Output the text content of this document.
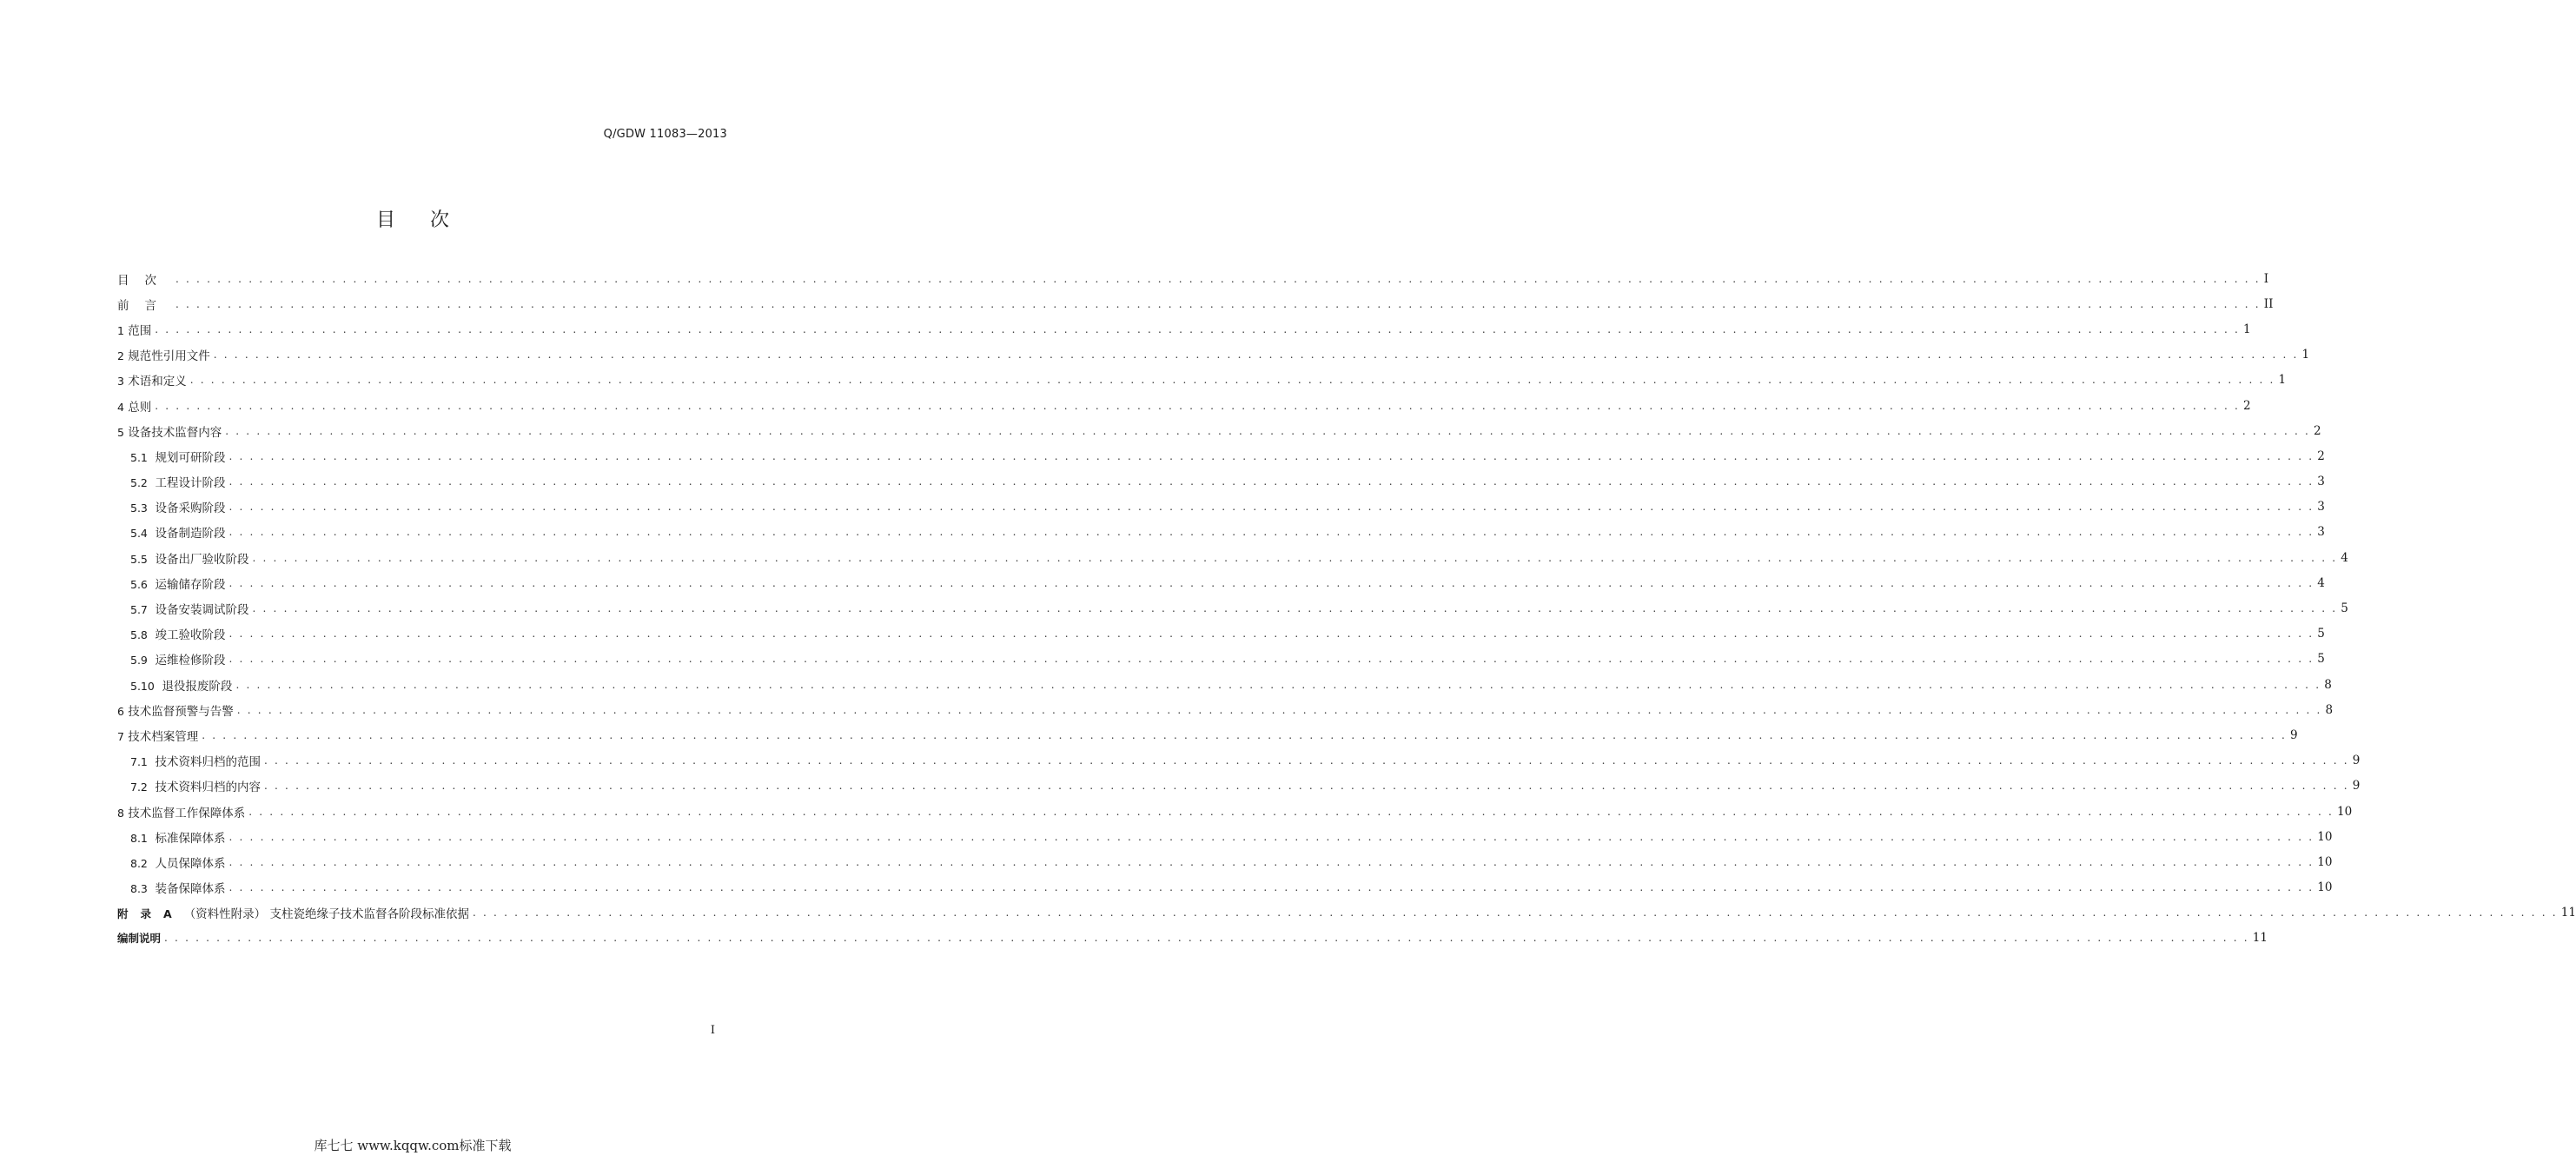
Q/GDW 11083—2013
目次
目次 . . . . . . . . . . . . . . . . . . . . . . . . . . . . . . . . . . . . . . . . . . . . . . . . . . . . . . . . . . . . . . . . . . . . . . . . . . . . . . . . . . . . . . . . . . . . . . . . . . . . . . . . . . . . . . . . . . . . . . . . . . . . . . . . . . . . . . . . . . . . . . . . . . . . . . . . . . . . . . . . . . . . . . . . . . . . . . . . . . . . . . . . . . . . . . . . . . . . . . . . I
前言 . . . . . . . . . . . . . . . . . . . . . . . . . . . . . . . . . . . . . . . . . . . . . . . . . . . . . . . . . . . . . . . . . . . . . . . . . . . . . . . . . . . . . . . . . . . . . . . . . . . . . . . . . . . . . . . . . . . . . . . . . . . . . . . . . . . . . . . . . . . . . . . . . . . . . . . . . . . . . . . . . . . . . . . . . . . . . . . . . . . . . . . . . . . . . . . . . . . . . . . . II
1 范围 . . . . . . . . . . . . . . . . . . . . . . . . . . . . . . . . . . . . . . . . . . . . . . . . . . . . . . . . . . . . . . . . . . . . . . . . . . . . . . . . . . . . . . . . . . . . . . . . . . . . . . . . . . . . . . . . . . . . . . . . . . . . . . . . . . . . . . . . . . . . . . . . . . . . . . . . . . . . . . . . . . . . . . . . . . . . . . . . . . . . . . . . . . . . . . . . . . . . . . . . 1
2 规范性引用文件 . . . . . . . . . . . . . . . . . . . . . . . . . . . . . . . . . . . . . . . . . . . . . . . . . . . . . . . . . . . . . . . . . . . . . . . . . . . . . . . . . . . . . . . . . . . . . . . . . . . . . . . . . . . . . . . . . . . . . . . . . . . . . . . . . . . . . . . . . . . . . . . . . . . . . . . . . . . . . . . . . . . . . . . . . . . . . . . . . . . . . . . . . . . . . . . . . . . . . . . . 1
3 术语和定义 . . . . . . . . . . . . . . . . . . . . . . . . . . . . . . . . . . . . . . . . . . . . . . . . . . . . . . . . . . . . . . . . . . . . . . . . . . . . . . . . . . . . . . . . . . . . . . . . . . . . . . . . . . . . . . . . . . . . . . . . . . . . . . . . . . . . . . . . . . . . . . . . . . . . . . . . . . . . . . . . . . . . . . . . . . . . . . . . . . . . . . . . . . . . . . . . . . . . . . . . 1
4 总则 . . . . . . . . . . . . . . . . . . . . . . . . . . . . . . . . . . . . . . . . . . . . . . . . . . . . . . . . . . . . . . . . . . . . . . . . . . . . . . . . . . . . . . . . . . . . . . . . . . . . . . . . . . . . . . . . . . . . . . . . . . . . . . . . . . . . . . . . . . . . . . . . . . . . . . . . . . . . . . . . . . . . . . . . . . . . . . . . . . . . . . . . . . . . . . . . . . . . . . . . 2
5 设备技术监督内容 . . . . . . . . . . . . . . . . . . . . . . . . . . . . . . . . . . . . . . . . . . . . . . . . . . . . . . . . . . . . . . . . . . . . . . . . . . . . . . . . . . . . . . . . . . . . . . . . . . . . . . . . . . . . . . . . . . . . . . . . . . . . . . . . . . . . . . . . . . . . . . . . . . . . . . . . . . . . . . . . . . . . . . . . . . . . . . . . . . . . . . . . . . . . . . . . . . . . . . . . 2
5.1 规划可研阶段 . . . . . . . . . . . . . . . . . . . . . . . . . . . . . . . . . . . . . . . . . . . . . . . . . . . . . . . . . . . . . . . . . . . . . . . . . . . . . . . . . . . . . . . . . . . . . . . . . . . . . . . . . . . . . . . . . . . . . . . . . . . . . . . . . . . . . . . . . . . . . . . . . . . . . . . . . . . . . . . . . . . . . . . . . . . . . . . . . . . . . . . . . . . . . . . . . . . . . . . . 2
5.2 工程设计阶段 . . . . . . . . . . . . . . . . . . . . . . . . . . . . . . . . . . . . . . . . . . . . . . . . . . . . . . . . . . . . . . . . . . . . . . . . . . . . . . . . . . . . . . . . . . . . . . . . . . . . . . . . . . . . . . . . . . . . . . . . . . . . . . . . . . . . . . . . . . . . . . . . . . . . . . . . . . . . . . . . . . . . . . . . . . . . . . . . . . . . . . . . . . . . . . . . . . . . . . . . 3
5.3 设备采购阶段 . . . . . . . . . . . . . . . . . . . . . . . . . . . . . . . . . . . . . . . . . . . . . . . . . . . . . . . . . . . . . . . . . . . . . . . . . . . . . . . . . . . . . . . . . . . . . . . . . . . . . . . . . . . . . . . . . . . . . . . . . . . . . . . . . . . . . . . . . . . . . . . . . . . . . . . . . . . . . . . . . . . . . . . . . . . . . . . . . . . . . . . . . . . . . . . . . . . . . . . . 3
5.4 设备制造阶段 . . . . . . . . . . . . . . . . . . . . . . . . . . . . . . . . . . . . . . . . . . . . . . . . . . . . . . . . . . . . . . . . . . . . . . . . . . . . . . . . . . . . . . . . . . . . . . . . . . . . . . . . . . . . . . . . . . . . . . . . . . . . . . . . . . . . . . . . . . . . . . . . . . . . . . . . . . . . . . . . . . . . . . . . . . . . . . . . . . . . . . . . . . . . . . . . . . . . . . . . 3
5.5 设备出厂验收阶段 . . . . . . . . . . . . . . . . . . . . . . . . . . . . . . . . . . . . . . . . . . . . . . . . . . . . . . . . . . . . . . . . . . . . . . . . . . . . . . . . . . . . . . . . . . . . . . . . . . . . . . . . . . . . . . . . . . . . . . . . . . . . . . . . . . . . . . . . . . . . . . . . . . . . . . . . . . . . . . . . . . . . . . . . . . . . . . . . . . . . . . . . . . . . . . . . . . . . . . . . 4
5.6 运输储存阶段 . . . . . . . . . . . . . . . . . . . . . . . . . . . . . . . . . . . . . . . . . . . . . . . . . . . . . . . . . . . . . . . . . . . . . . . . . . . . . . . . . . . . . . . . . . . . . . . . . . . . . . . . . . . . . . . . . . . . . . . . . . . . . . . . . . . . . . . . . . . . . . . . . . . . . . . . . . . . . . . . . . . . . . . . . . . . . . . . . . . . . . . . . . . . . . . . . . . . . . . . 4
5.7 设备安装调试阶段 . . . . . . . . . . . . . . . . . . . . . . . . . . . . . . . . . . . . . . . . . . . . . . . . . . . . . . . . . . . . . . . . . . . . . . . . . . . . . . . . . . . . . . . . . . . . . . . . . . . . . . . . . . . . . . . . . . . . . . . . . . . . . . . . . . . . . . . . . . . . . . . . . . . . . . . . . . . . . . . . . . . . . . . . . . . . . . . . . . . . . . . . . . . . . . . . . . . . . . . . 5
5.8 竣工验收阶段 . . . . . . . . . . . . . . . . . . . . . . . . . . . . . . . . . . . . . . . . . . . . . . . . . . . . . . . . . . . . . . . . . . . . . . . . . . . . . . . . . . . . . . . . . . . . . . . . . . . . . . . . . . . . . . . . . . . . . . . . . . . . . . . . . . . . . . . . . . . . . . . . . . . . . . . . . . . . . . . . . . . . . . . . . . . . . . . . . . . . . . . . . . . . . . . . . . . . . . . . 5
5.9 运维检修阶段 . . . . . . . . . . . . . . . . . . . . . . . . . . . . . . . . . . . . . . . . . . . . . . . . . . . . . . . . . . . . . . . . . . . . . . . . . . . . . . . . . . . . . . . . . . . . . . . . . . . . . . . . . . . . . . . . . . . . . . . . . . . . . . . . . . . . . . . . . . . . . . . . . . . . . . . . . . . . . . . . . . . . . . . . . . . . . . . . . . . . . . . . . . . . . . . . . . . . . . . . 5
5.10 退役报废阶段 . . . . . . . . . . . . . . . . . . . . . . . . . . . . . . . . . . . . . . . . . . . . . . . . . . . . . . . . . . . . . . . . . . . . . . . . . . . . . . . . . . . . . . . . . . . . . . . . . . . . . . . . . . . . . . . . . . . . . . . . . . . . . . . . . . . . . . . . . . . . . . . . . . . . . . . . . . . . . . . . . . . . . . . . . . . . . . . . . . . . . . . . . . . . . . . . . . . . . . . . 8
6 技术监督预警与告警 . . . . . . . . . . . . . . . . . . . . . . . . . . . . . . . . . . . . . . . . . . . . . . . . . . . . . . . . . . . . . . . . . . . . . . . . . . . . . . . . . . . . . . . . . . . . . . . . . . . . . . . . . . . . . . . . . . . . . . . . . . . . . . . . . . . . . . . . . . . . . . . . . . . . . . . . . . . . . . . . . . . . . . . . . . . . . . . . . . . . . . . . . . . . . . . . . . . . . . . . 8
7 技术档案管理 . . . . . . . . . . . . . . . . . . . . . . . . . . . . . . . . . . . . . . . . . . . . . . . . . . . . . . . . . . . . . . . . . . . . . . . . . . . . . . . . . . . . . . . . . . . . . . . . . . . . . . . . . . . . . . . . . . . . . . . . . . . . . . . . . . . . . . . . . . . . . . . . . . . . . . . . . . . . . . . . . . . . . . . . . . . . . . . . . . . . . . . . . . . . . . . . . . . . . . . . 9
7.1 技术资料归档的范围 . . . . . . . . . . . . . . . . . . . . . . . . . . . . . . . . . . . . . . . . . . . . . . . . . . . . . . . . . . . . . . . . . . . . . . . . . . . . . . . . . . . . . . . . . . . . . . . . . . . . . . . . . . . . . . . . . . . . . . . . . . . . . . . . . . . . . . . . . . . . . . . . . . . . . . . . . . . . . . . . . . . . . . . . . . . . . . . . . . . . . . . . . . . . . . . . . . . . . . . . 9
7.2 技术资料归档的内容 . . . . . . . . . . . . . . . . . . . . . . . . . . . . . . . . . . . . . . . . . . . . . . . . . . . . . . . . . . . . . . . . . . . . . . . . . . . . . . . . . . . . . . . . . . . . . . . . . . . . . . . . . . . . . . . . . . . . . . . . . . . . . . . . . . . . . . . . . . . . . . . . . . . . . . . . . . . . . . . . . . . . . . . . . . . . . . . . . . . . . . . . . . . . . . . . . . . . . . . . 9
8 技术监督工作保障体系 . . . . . . . . . . . . . . . . . . . . . . . . . . . . . . . . . . . . . . . . . . . . . . . . . . . . . . . . . . . . . . . . . . . . . . . . . . . . . . . . . . . . . . . . . . . . . . . . . . . . . . . . . . . . . . . . . . . . . . . . . . . . . . . . . . . . . . . . . . . . . . . . . . . . . . . . . . . . . . . . . . . . . . . . . . . . . . . . . . . . . . . . . . . . . . . . . . . . . . . . 10
8.1 标准保障体系 . . . . . . . . . . . . . . . . . . . . . . . . . . . . . . . . . . . . . . . . . . . . . . . . . . . . . . . . . . . . . . . . . . . . . . . . . . . . . . . . . . . . . . . . . . . . . . . . . . . . . . . . . . . . . . . . . . . . . . . . . . . . . . . . . . . . . . . . . . . . . . . . . . . . . . . . . . . . . . . . . . . . . . . . . . . . . . . . . . . . . . . . . . . . . . . . . . . . . . . . 10
8.2 人员保障体系 . . . . . . . . . . . . . . . . . . . . . . . . . . . . . . . . . . . . . . . . . . . . . . . . . . . . . . . . . . . . . . . . . . . . . . . . . . . . . . . . . . . . . . . . . . . . . . . . . . . . . . . . . . . . . . . . . . . . . . . . . . . . . . . . . . . . . . . . . . . . . . . . . . . . . . . . . . . . . . . . . . . . . . . . . . . . . . . . . . . . . . . . . . . . . . . . . . . . . . . . 10
8.3 装备保障体系 . . . . . . . . . . . . . . . . . . . . . . . . . . . . . . . . . . . . . . . . . . . . . . . . . . . . . . . . . . . . . . . . . . . . . . . . . . . . . . . . . . . . . . . . . . . . . . . . . . . . . . . . . . . . . . . . . . . . . . . . . . . . . . . . . . . . . . . . . . . . . . . . . . . . . . . . . . . . . . . . . . . . . . . . . . . . . . . . . . . . . . . . . . . . . . . . . . . . . . . . 10
附录A（资料性附录） 支柱瓷绝缘子技术监督各阶段标准依据 . . . . . . . . . . . . . . . . . . . . . . . . . . . . . . . . . . . . . . . . . . . . . . . . . . . . . . . . . . . . . . . . . . . . . . . . . . . . . . . . . . . . . . . . . . . . . . . . . . . . . . . . . . . . . . . . . . . . . . . . . . . . . . . . . . . . . . . . . . . . . . . . . . . . . . . . . . . . . . . . . . . . . . . . . . . . . . . . . . . . . . . . . . . . . . . . . . . . . . . . 11
编制说明 . . . . . . . . . . . . . . . . . . . . . . . . . . . . . . . . . . . . . . . . . . . . . . . . . . . . . . . . . . . . . . . . . . . . . . . . . . . . . . . . . . . . . . . . . . . . . . . . . . . . . . . . . . . . . . . . . . . . . . . . . . . . . . . . . . . . . . . . . . . . . . . . . . . . . . . . . . . . . . . . . . . . . . . . . . . . . . . . . . . . . . . . . . . . . . . . . . . . . . . . 11
I
库七七 www.kqqw.com标准下载
